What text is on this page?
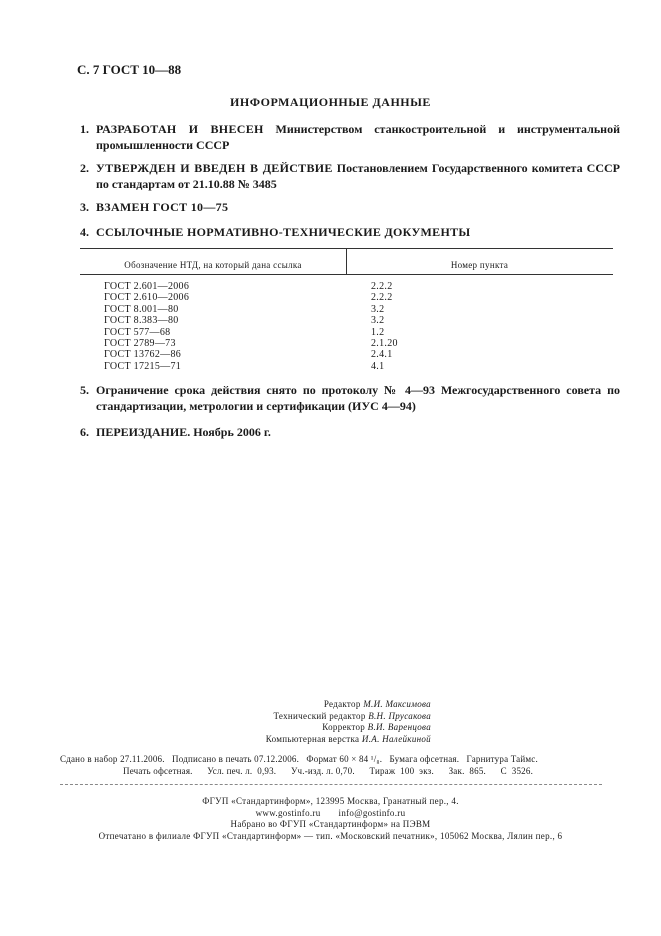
С. 7 ГОСТ 10—88
ИНФОРМАЦИОННЫЕ ДАННЫЕ
1. РАЗРАБОТАН И ВНЕСЕН Министерством станкостроительной и инструментальной промышленности СССР
2. УТВЕРЖДЕН И ВВЕДЕН В ДЕЙСТВИЕ Постановлением Государственного комитета СССР по стандартам от 21.10.88 № 3485
3. ВЗАМЕН ГОСТ 10—75
4. ССЫЛОЧНЫЕ НОРМАТИВНО-ТЕХНИЧЕСКИЕ ДОКУМЕНТЫ
Обозначение НТД, на который дана ссылка	Номер пункта
ГОСТ 2.601—2006	2.2.2
ГОСТ 2.610—2006	2.2.2
ГОСТ 8.001—80	3.2
ГОСТ 8.383—80	3.2
ГОСТ 577—68	1.2
ГОСТ 2789—73	2.1.20
ГОСТ 13762—86	2.4.1
ГОСТ 17215—71	4.1
5. Ограничение срока действия снято по протоколу № 4—93 Межгосударственного совета по стандартизации, метрологии и сертификации (ИУС 4—94)
6. ПЕРЕИЗДАНИЕ. Ноябрь 2006 г.
Редактор М.И. Максимова
Технический редактор В.Н. Прусакова
Корректор В.И. Варенцова
Компьютерная верстка И.А. Налейкиной
Сдано в набор 27.11.2006.   Подписано в печать 07.12.2006.   Формат 60 × 84 ¹/₈.   Бумага офсетная.   Гарнитура Таймс.
Печать офсетная.      Усл. печ. л.  0,93.      Уч.-изд. л. 0,70.      Тираж  100  экз.      Зак.  865.      С  3526.
ФГУП «Стандартинформ», 123995 Москва, Гранатный пер., 4.
www.gostinfo.ru info@gostinfo.ru
Набрано во ФГУП «Стандартинформ» на ПЭВМ
Отпечатано в филиале ФГУП «Стандартинформ» — тип. «Московский печатник», 105062 Москва, Лялин пер., 6
